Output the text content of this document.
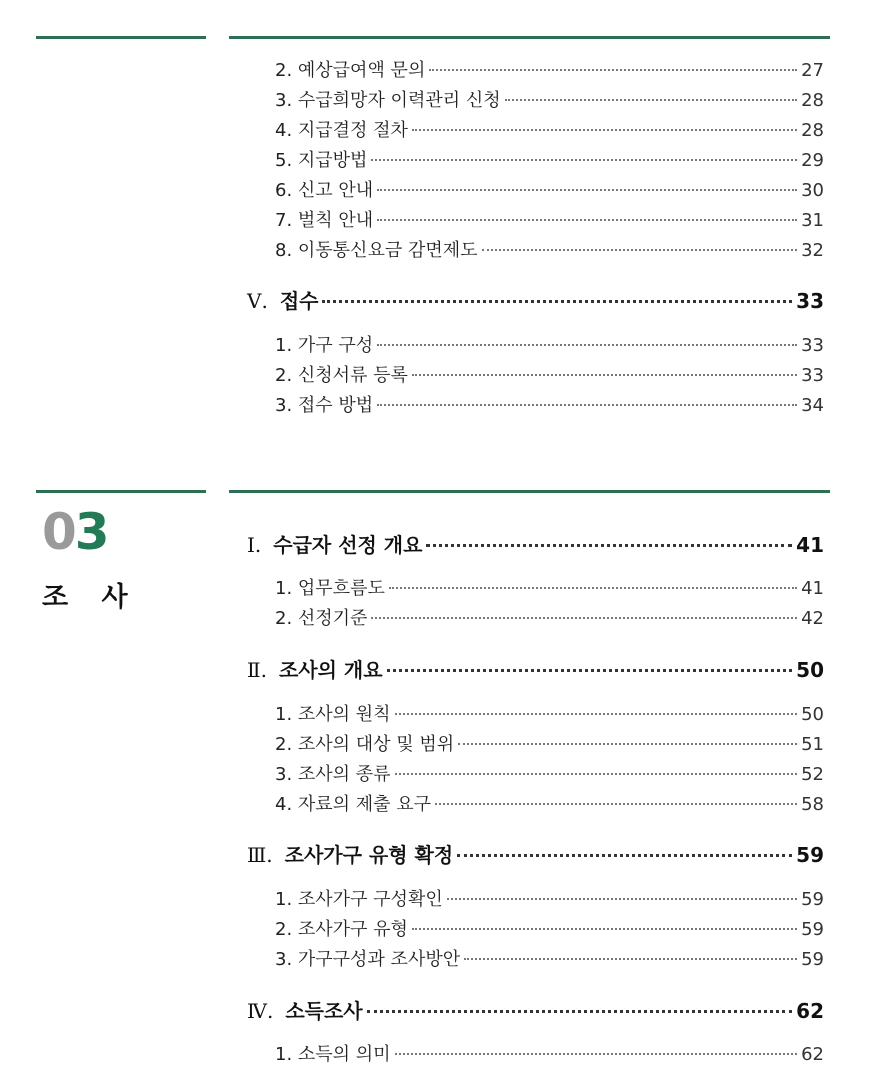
03
조 사
2. 예상급여액 문의	27
3. 수급희망자 이력관리 신청	28
4. 지급결정 절차	28
5. 지급방법	29
6. 신고 안내	30
7. 벌칙 안내	31
8. 이동통신요금 감면제도	32
Ⅴ. 접수	33
1. 가구 구성	33
2. 신청서류 등록	33
3. 접수 방법	34
Ⅰ. 수급자 선정 개요	41
1. 업무흐름도	41
2. 선정기준	42
Ⅱ. 조사의 개요	50
1. 조사의 원칙	50
2. 조사의 대상 및 범위	51
3. 조사의 종류	52
4. 자료의 제출 요구	58
Ⅲ. 조사가구 유형 확정	59
1. 조사가구 구성확인	59
2. 조사가구 유형	59
3. 가구구성과 조사방안	59
Ⅳ. 소득조사	62
1. 소득의 의미	62
